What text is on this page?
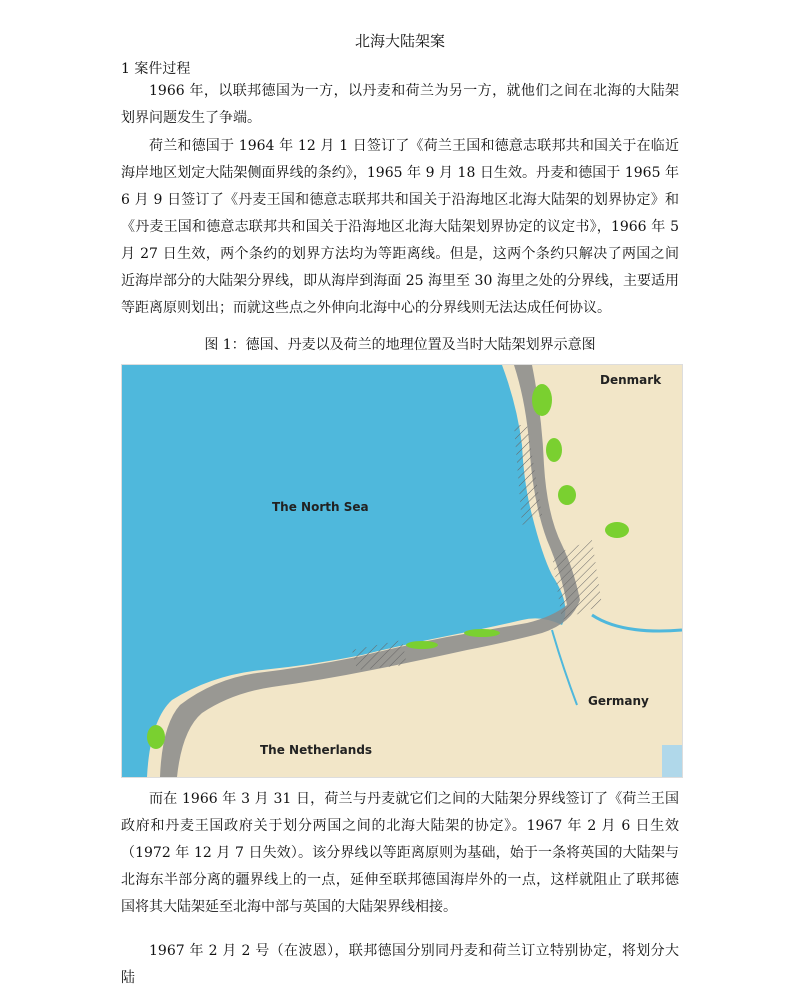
北海大陆架案
1 案件过程

1966 年，以联邦德国为一方，以丹麦和荷兰为另一方，就他们之间在北海的大陆架划界问题发生了争端。

荷兰和德国于 1964 年 12 月 1 日签订了《荷兰王国和德意志联邦共和国关于在临近海岸地区划定大陆架侧面界线的条约》，1965 年 9 月 18 日生效。丹麦和德国于 1965 年 6 月 9 日签订了《丹麦王国和德意志联邦共和国关于沿海地区北海大陆架的划界协定》和《丹麦王国和德意志联邦共和国关于沿海地区北海大陆架划界协定的议定书》，1966 年 5 月 27 日生效，两个条约的划界方法均为等距离线。但是，这两个条约只解决了两国之间近海岸部分的大陆架分界线，即从海岸到海面 25 海里至 30 海里之处的分界线，主要适用等距离原则划出；而就这些点之外伸向北海中心的分界线则无法达成任何协议。

图 1：德国、丹麦以及荷兰的地理位置及当时大陆架划界示意图
The North Sea
Denmark
Germany
The Netherlands

而在 1966 年 3 月 31 日，荷兰与丹麦就它们之间的大陆架分界线签订了《荷兰王国政府和丹麦王国政府关于划分两国之间的北海大陆架的协定》。1967 年 2 月 6 日生效（1972 年 12 月 7 日失效）。该分界线以等距离原则为基础，始于一条将英国的大陆架与北海东半部分离的疆界线上的一点，延伸至联邦德国海岸外的一点，这样就阻止了联邦德国将其大陆架延至北海中部与英国的大陆架界线相接。

1967 年 2 月 2 号（在波恩），联邦德国分别同丹麦和荷兰订立特别协定，将划分大陆
